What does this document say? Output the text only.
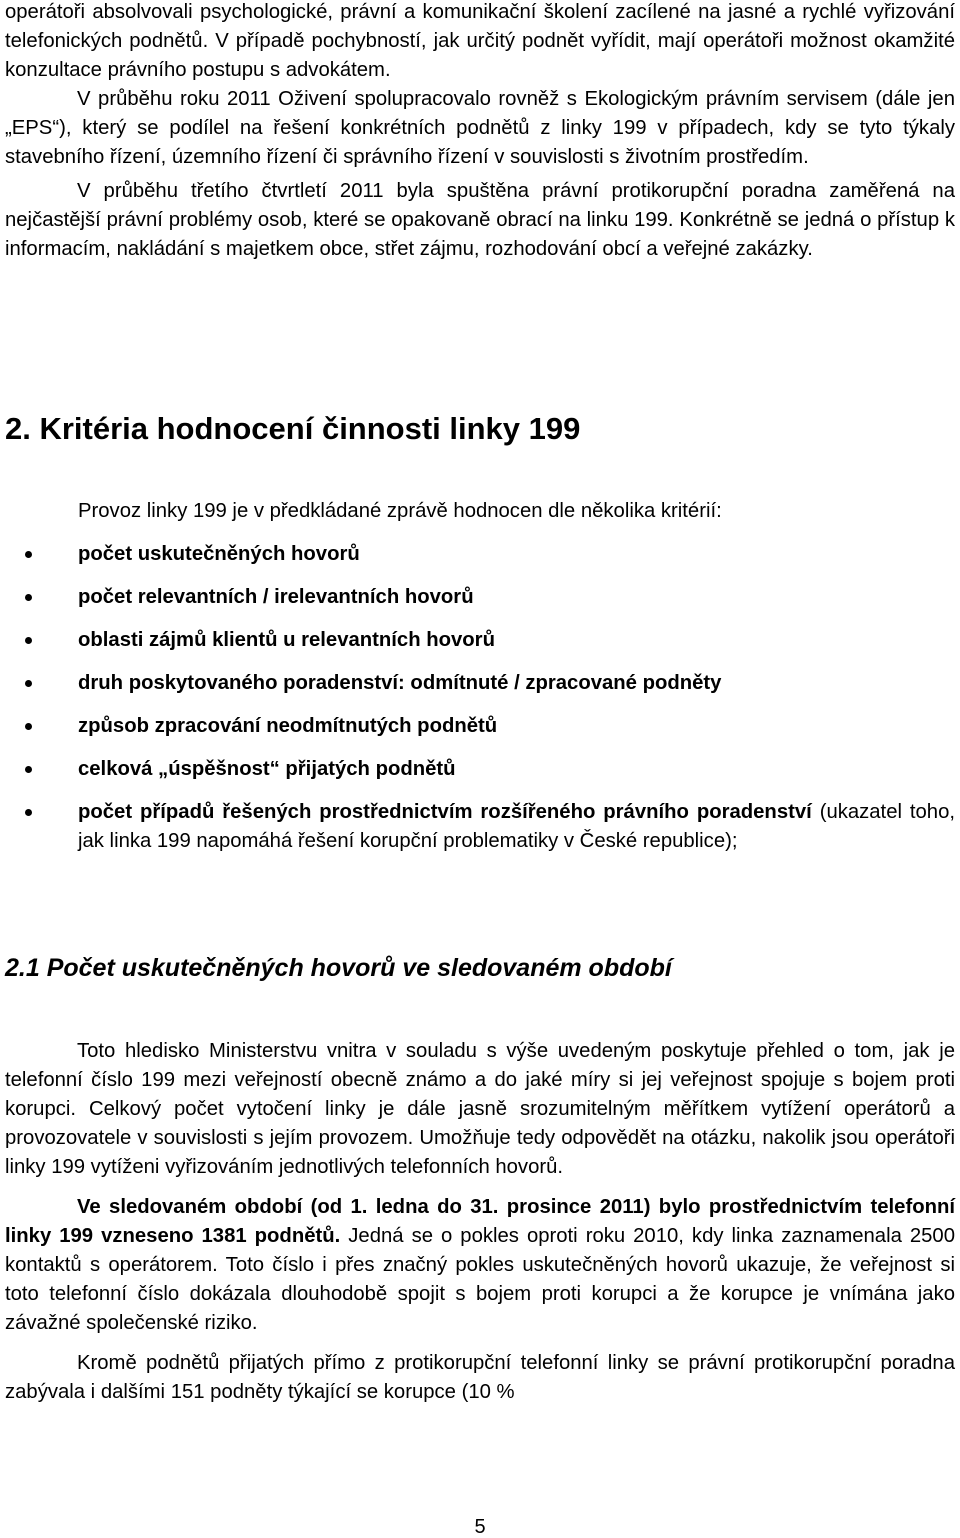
operátoři absolvovali psychologické, právní a komunikační školení zacílené na jasné a rychlé vyřizování telefonických podnětů. V případě pochybností, jak určitý podnět vyřídit, mají operátoři možnost okamžité konzultace právního postupu s advokátem.

V průběhu roku 2011 Oživení spolupracovalo rovněž s Ekologickým právním servisem (dále jen „EPS“), který se podílel na řešení konkrétních podnětů z linky 199 v případech, kdy se tyto týkaly stavebního řízení, územního řízení či správního řízení v souvislosti s životním prostředím.

V průběhu třetího čtvrtletí 2011 byla spuštěna právní protikorupční poradna zaměřená na nejčastější právní problémy osob, které se opakovaně obrací na linku 199. Konkrétně se jedná o přístup k informacím, nakládání s majetkem obce, střet zájmu, rozhodování obcí a veřejné zakázky.

2. Kritéria hodnocení činnosti linky 199

Provoz linky 199 je v předkládané zprávě hodnocen dle několika kritérií:

počet uskutečněných hovorů
počet relevantních / irelevantních hovorů
oblasti zájmů klientů u relevantních hovorů
druh poskytovaného poradenství: odmítnuté / zpracované podněty
způsob zpracování neodmítnutých podnětů
celková „úspěšnost“ přijatých podnětů
počet případů řešených prostřednictvím rozšířeného právního poradenství (ukazatel toho, jak linka 199 napomáhá řešení korupční problematiky v České republice);
2.1 Počet uskutečněných hovorů ve sledovaném období

Toto hledisko Ministerstvu vnitra v souladu s výše uvedeným poskytuje přehled o tom, jak je telefonní číslo 199 mezi veřejností obecně známo a do jaké míry si jej veřejnost spojuje s bojem proti korupci. Celkový počet vytočení linky je dále jasně srozumitelným měřítkem vytížení operátorů a provozovatele v souvislosti s jejím provozem. Umožňuje tedy odpovědět na otázku, nakolik jsou operátoři linky 199 vytíženi vyřizováním jednotlivých telefonních hovorů.

Ve sledovaném období (od 1. ledna do 31. prosince 2011) bylo prostřednictvím telefonní linky 199 vzneseno 1381 podnětů. Jedná se o pokles oproti roku 2010, kdy linka zaznamenala 2500 kontaktů s operátorem. Toto číslo i přes značný pokles uskutečněných hovorů ukazuje, že veřejnost si toto telefonní číslo dokázala dlouhodobě spojit s bojem proti korupci a že korupce je vnímána jako závažné společenské riziko.

Kromě podnětů přijatých přímo z protikorupční telefonní linky se právní protikorupční poradna zabývala i dalšími 151 podněty týkající se korupce (10 %

5
